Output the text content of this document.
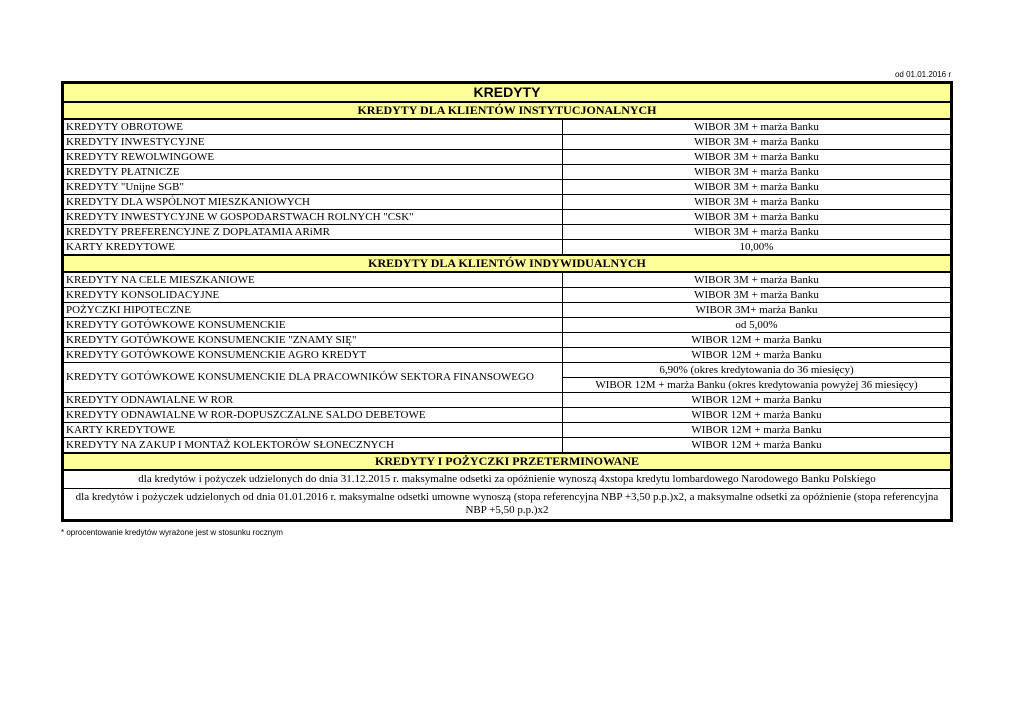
od 01.01.2016 r
KREDYTY	
KREDYTY DLA KLIENTÓW INSTYTUCJONALNYCH	
KREDYTY OBROTOWE	WIBOR 3M + marża Banku
KREDYTY INWESTYCYJNE	WIBOR 3M + marża Banku
KREDYTY REWOLWINGOWE	WIBOR 3M + marża Banku
KREDYTY PŁATNICZE	WIBOR 3M + marża Banku
KREDYTY "Unijne SGB"	WIBOR 3M + marża Banku
KREDYTY DLA WSPÓLNOT MIESZKANIOWYCH	WIBOR 3M + marża Banku
KREDYTY INWESTYCYJNE W GOSPODARSTWACH ROLNYCH "CSK"	WIBOR 3M + marża Banku
KREDYTY PREFERENCYJNE Z DOPŁATAMIA ARiMR	WIBOR 3M + marża Banku
KARTY KREDYTOWE	10,00%
KREDYTY DLA KLIENTÓW INDYWIDUALNYCH	
KREDYTY NA CELE MIESZKANIOWE	WIBOR 3M + marża Banku
KREDYTY KONSOLIDACYJNE	WIBOR 3M + marża Banku
POŻYCZKI HIPOTECZNE	WIBOR 3M+ marża Banku
KREDYTY GOTÓWKOWE KONSUMENCKIE	od 5,00%
KREDYTY GOTÓWKOWE KONSUMENCKIE "ZNAMY SIĘ"	WIBOR 12M + marża Banku
KREDYTY GOTÓWKOWE KONSUMENCKIE AGRO KREDYT	WIBOR 12M + marża Banku
KREDYTY GOTÓWKOWE KONSUMENCKIE DLA PRACOWNIKÓW SEKTORA FINANSOWEGO	6,90% (okres kredytowania do 36 miesięcy)
	WIBOR 12M + marża Banku (okres kredytowania powyżej 36 miesięcy)
KREDYTY ODNAWIALNE W ROR	WIBOR 12M + marża Banku
KREDYTY ODNAWIALNE W ROR-DOPUSZCZALNE SALDO DEBETOWE	WIBOR 12M + marża Banku
KARTY KREDYTOWE	WIBOR 12M + marża Banku
KREDYTY NA ZAKUP I MONTAŻ KOLEKTORÓW SŁONECZNYCH	WIBOR 12M + marża Banku
KREDYTY I POŻYCZKI PRZETERMINOWANE	
dla kredytów i pożyczek udzielonych do dnia 31.12.2015 r. maksymalne odsetki za opóźnienie wynoszą 4xstopa kredytu lombardowego Narodowego Banku Polskiego	
dla kredytów i pożyczek udzielonych od dnia 01.01.2016 r. maksymalne odsetki umowne wynoszą (stopa referencyjna NBP +3,50 p.p.)x2, a maksymalne odsetki za opóźnienie (stopa referencyjna NBP +5,50 p.p.)x2	
* oprocentowanie kredytów wyrażone jest w stosunku rocznym
